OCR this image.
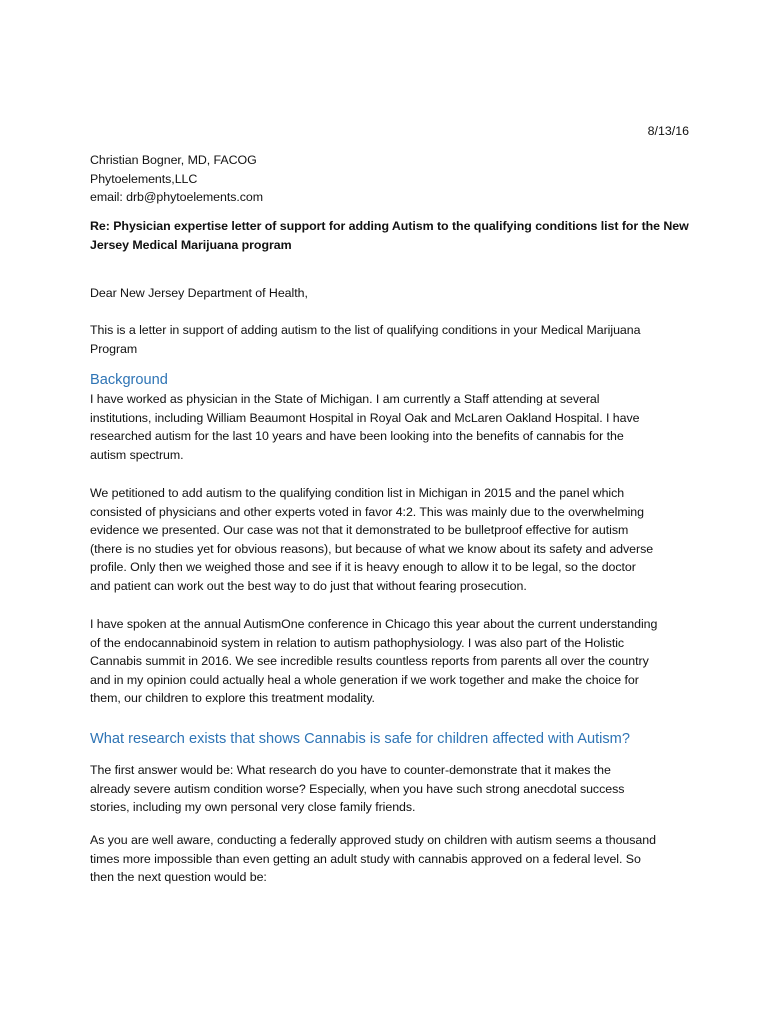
8/13/16
Christian Bogner, MD, FACOG
Phytoelements,LLC
email: drb@phytoelements.com
Re: Physician expertise letter of support for adding Autism to the qualifying conditions list for the New
Jersey Medical Marijuana program
Dear New Jersey Department of Health,
This is a letter in support of adding autism to the list of qualifying conditions in your Medical Marijuana
Program
Background
I have worked as physician in the State of Michigan. I am currently a Staff attending at several
institutions, including William Beaumont Hospital in Royal Oak and McLaren Oakland Hospital. I have
researched autism for the last 10 years and have been looking into the benefits of cannabis for the
autism spectrum.
We petitioned to add autism to the qualifying condition list in Michigan in 2015 and the panel which
consisted of physicians and other experts voted in favor 4:2. This was mainly due to the overwhelming
evidence we presented. Our case was not that it demonstrated to be bulletproof effective for autism
(there is no studies yet for obvious reasons), but because of what we know about its safety and adverse
profile. Only then we weighed those and see if it is heavy enough to allow it to be legal, so the doctor
and patient can work out the best way to do just that without fearing prosecution.
I have spoken at the annual AutismOne conference in Chicago this year about the current understanding
of the endocannabinoid system in relation to autism pathophysiology. I was also part of the Holistic
Cannabis summit in 2016. We see incredible results countless reports from parents all over the country
and in my opinion could actually heal a whole generation if we work together and make the choice for
them, our children to explore this treatment modality.
What research exists that shows Cannabis is safe for children affected with Autism?
The first answer would be: What research do you have to counter-demonstrate that it makes the
already severe autism condition worse? Especially, when you have such strong anecdotal success
stories, including my own personal very close family friends.
As you are well aware, conducting a federally approved study on children with autism seems a thousand
times more impossible than even getting an adult study with cannabis approved on a federal level. So
then the next question would be:
